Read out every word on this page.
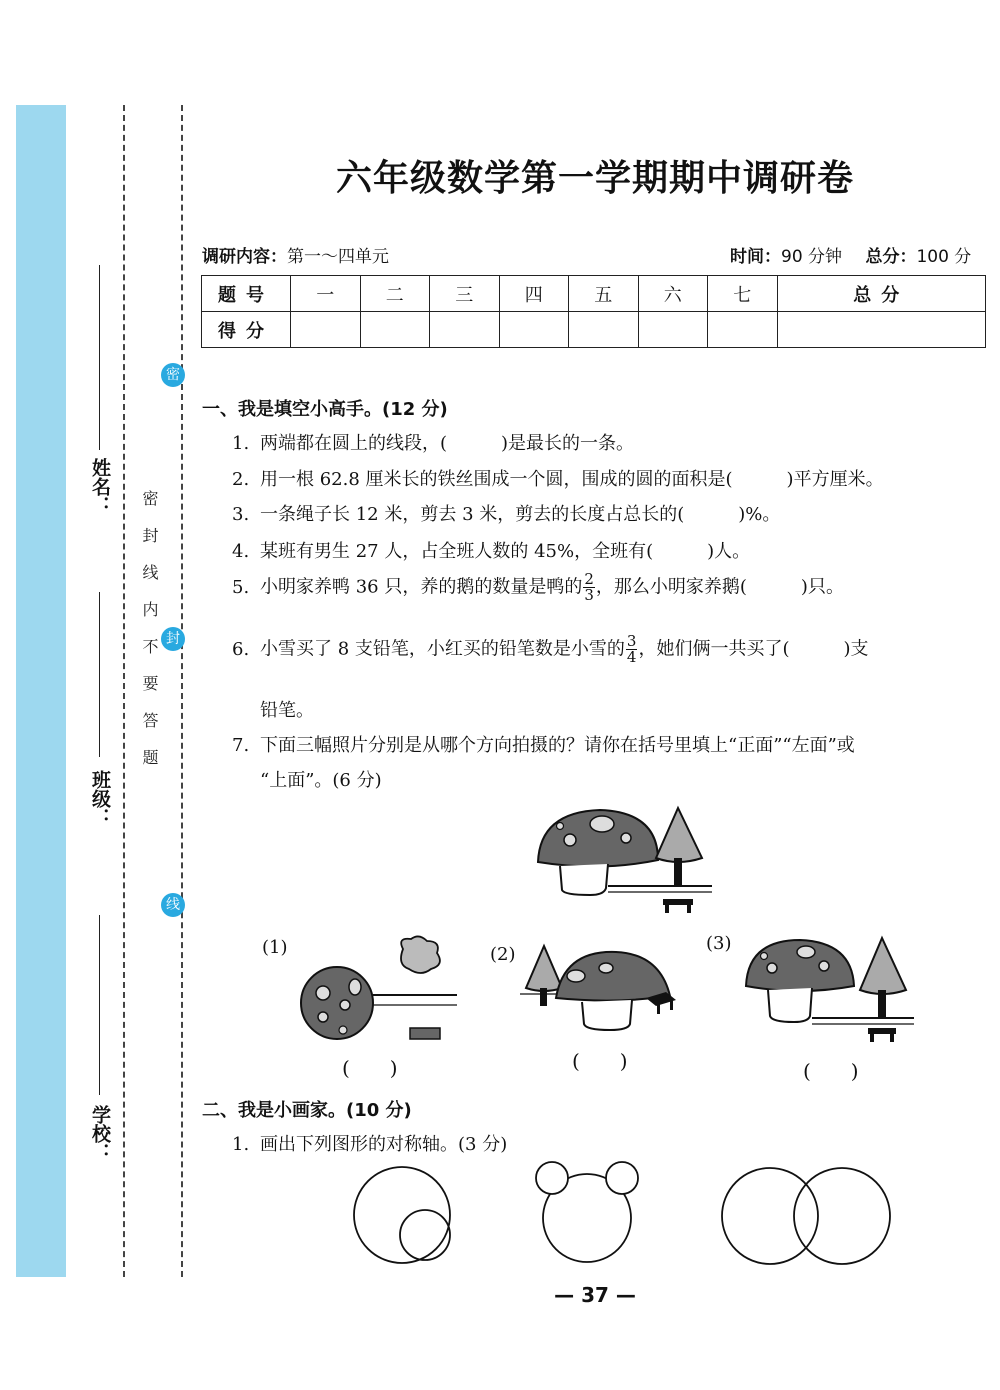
姓名：
班级：
学校：
密封线内不要答题
密
封
线
六年级数学第一学期期中调研卷
调研内容：第一～四单元	时间：90 分钟 总分：100 分
题号	一	二	三	四	五	六	七	总分
得分								
一、我是填空小高手。(12 分)
1. 两端都在圆上的线段，(　　　)是最长的一条。
2. 用一根 62.8 厘米长的铁丝围成一个圆，围成的圆的面积是(　　　)平方厘米。
3. 一条绳子长 12 米，剪去 3 米，剪去的长度占总长的(　　　)%。
4. 某班有男生 27 人，占全班人数的 45%，全班有(　　　)人。
5. 小明家养鸭 36 只，养的鹅的数量是鸭的 $\frac{2}{3}$ ，那么小明家养鹅(　　　)只。
6. 小雪买了 8 支铅笔，小红买的铅笔数是小雪的 $\frac{3}{4}$ ，她们俩一共买了(　　　)支
铅笔。
7. 下面三幅照片分别是从哪个方向拍摄的？请你在括号里填上“正面”“左面”或
“上面”。(6 分)
(1)	(2)
(3)
(　　)	(　　)	(　　)
二、我是小画家。(10 分)
1. 画出下列图形的对称轴。(3 分)
— 37 —
